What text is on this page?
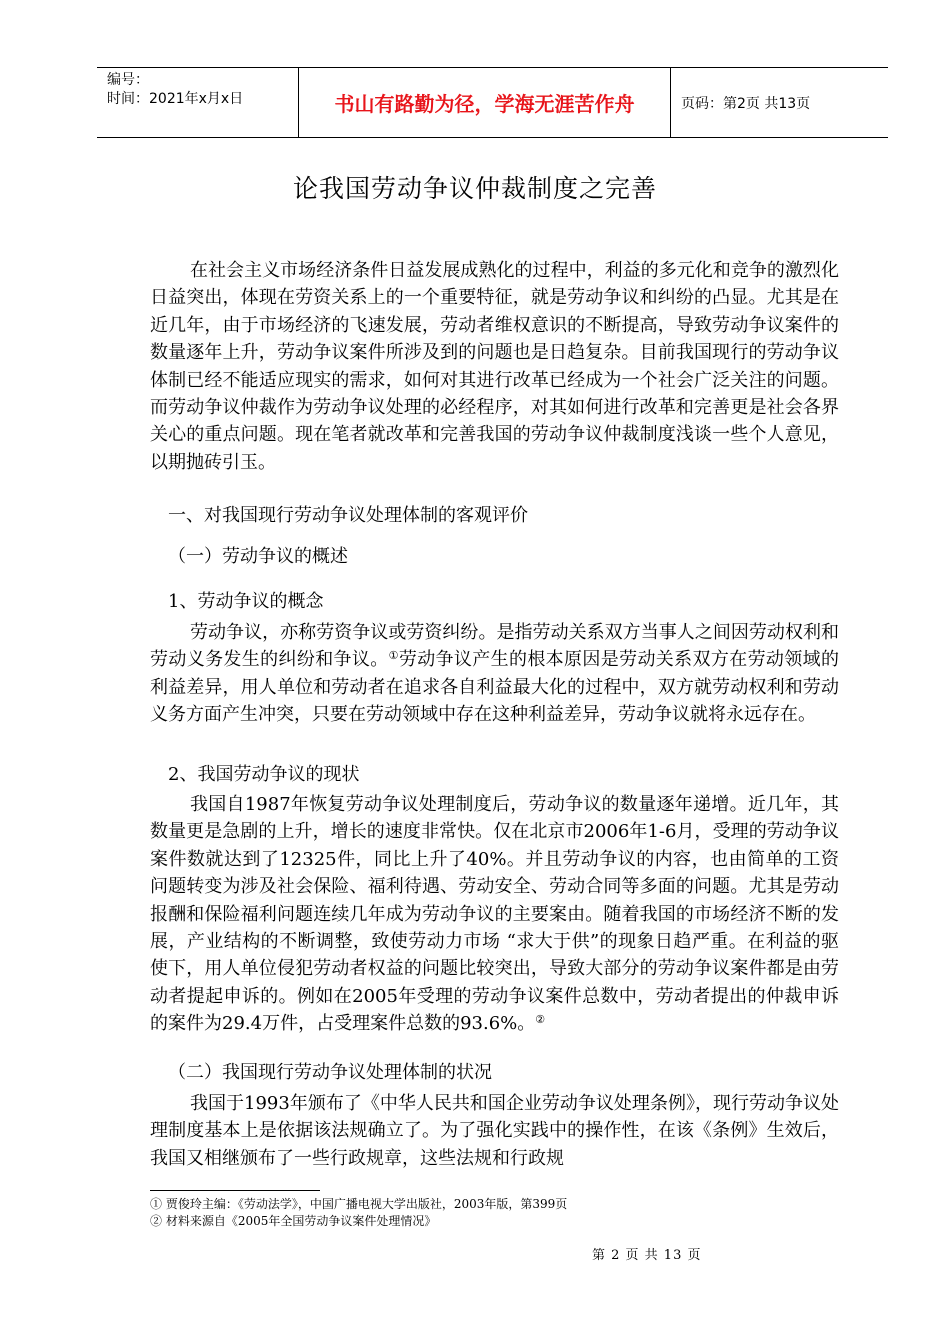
编号：
时间：2021年x月x日	书山有路勤为径，学海无涯苦作舟	页码：第2页 共13页
论我国劳动争议仲裁制度之完善

在社会主义市场经济条件日益发展成熟化的过程中，利益的多元化和竞争的激烈化日益突出，体现在劳资关系上的一个重要特征，就是劳动争议和纠纷的凸显。尤其是在近几年，由于市场经济的飞速发展，劳动者维权意识的不断提高，导致劳动争议案件的数量逐年上升，劳动争议案件所涉及到的问题也是日趋复杂。目前我国现行的劳动争议体制已经不能适应现实的需求，如何对其进行改革已经成为一个社会广泛关注的问题。而劳动争议仲裁作为劳动争议处理的必经程序，对其如何进行改革和完善更是社会各界关心的重点问题。现在笔者就改革和完善我国的劳动争议仲裁制度浅谈一些个人意见，以期抛砖引玉。

一、对我国现行劳动争议处理体制的客观评价
（一）劳动争议的概述
1、劳动争议的概念

劳动争议，亦称劳资争议或劳资纠纷。是指劳动关系双方当事人之间因劳动权利和劳动义务发生的纠纷和争议。①劳动争议产生的根本原因是劳动关系双方在劳动领域的利益差异，用人单位和劳动者在追求各自利益最大化的过程中，双方就劳动权利和劳动义务方面产生冲突，只要在劳动领域中存在这种利益差异，劳动争议就将永远存在。

2、我国劳动争议的现状

我国自1987年恢复劳动争议处理制度后，劳动争议的数量逐年递增。近几年，其数量更是急剧的上升，增长的速度非常快。仅在北京市2006年1-6月，受理的劳动争议案件数就达到了12325件，同比上升了40%。并且劳动争议的内容，也由简单的工资问题转变为涉及社会保险、福利待遇、劳动安全、劳动合同等多面的问题。尤其是劳动报酬和保险福利问题连续几年成为劳动争议的主要案由。随着我国的市场经济不断的发展，产业结构的不断调整，致使劳动力市场 “求大于供”的现象日趋严重。在利益的驱使下，用人单位侵犯劳动者权益的问题比较突出，导致大部分的劳动争议案件都是由劳动者提起申诉的。例如在2005年受理的劳动争议案件总数中，劳动者提出的仲裁申诉的案件为29.4万件，占受理案件总数的93.6%。②

（二）我国现行劳动争议处理体制的状况

我国于1993年颁布了《中华人民共和国企业劳动争议处理条例》，现行劳动争议处理制度基本上是依据该法规确立了。为了强化实践中的操作性，在该《条例》生效后，我国又相继颁布了一些行政规章，这些法规和行政规

① 贾俊玲主编：《劳动法学》，中国广播电视大学出版社，2003年版，第399页
② 材料来源自《2005年全国劳动争议案件处理情况》
第 2 页 共 13 页
